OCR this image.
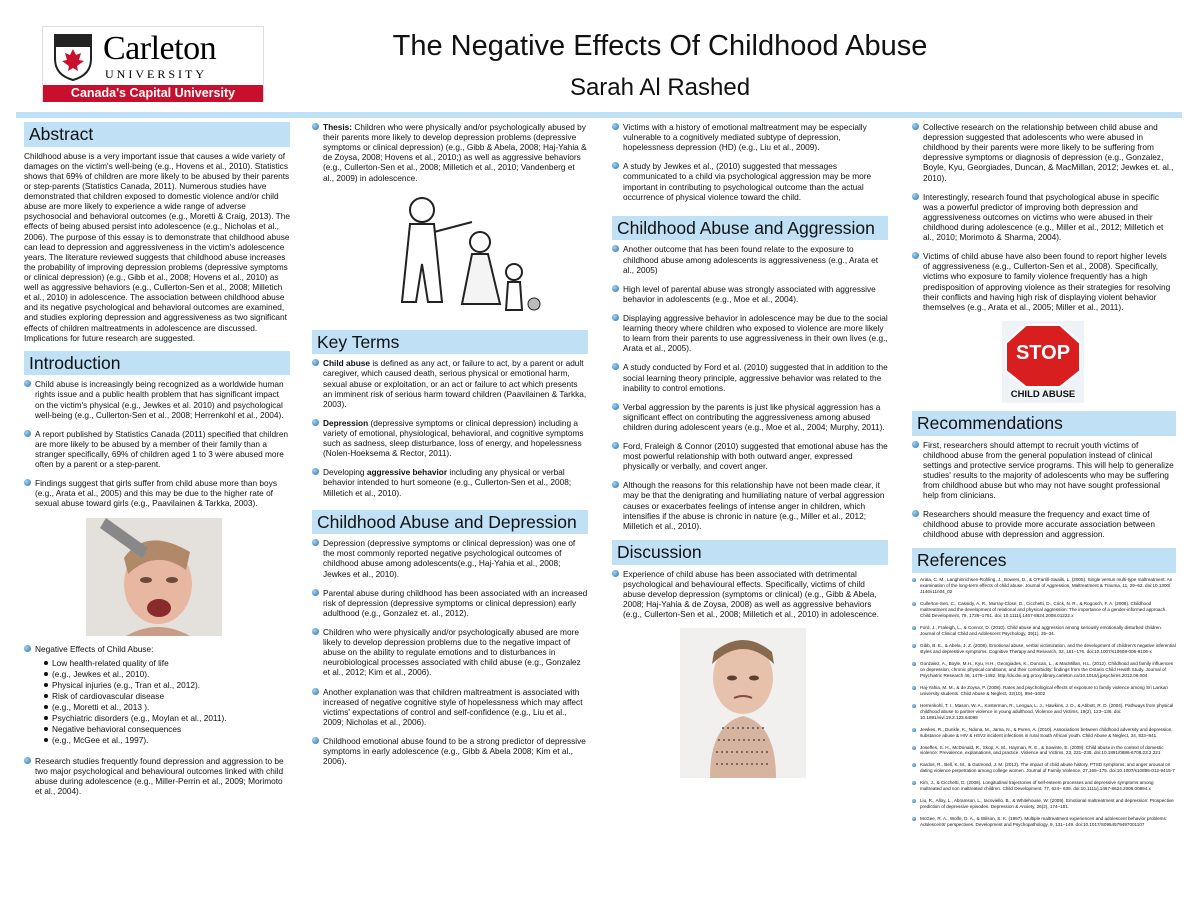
Carleton
UNIVERSITY
Canada's Capital University
The Negative Effects Of Childhood Abuse
Sarah Al Rashed
Abstract
Childhood abuse is a very important issue that causes a wide variety of damages on the victim's well-being (e.g., Hovens et al., 2010). Statistics shows that 69% of children are more likely to be abused by their parents or step-parents (Statistics Canada, 2011). Numerous studies have demonstrated that children exposed to domestic violence and/or child abuse are more likely to experience a wide range of adverse psychosocial and behavioral outcomes (e.g., Moretti & Craig, 2013). The effects of being abused persist into adolescence (e.g., Nicholas et al., 2006). The purpose of this essay is to demonstrate that childhood abuse can lead to depression and aggressiveness in the victim's adolescence years. The literature reviewed suggests that childhood abuse increases the probability of improving depression problems (depressive symptoms or clinical depression) (e.g., Gibb et al., 2008; Hovens et al., 2010) as well as aggressive behaviors (e.g., Cullerton-Sen et al., 2008; Milletich et al., 2010) in adolescence. The association between childhood abuse and its negative psychological and behavioral outcomes are examined, and studies exploring depression and aggressiveness as two significant effects of children maltreatments in adolescence are discussed. Implications for future research are suggested.
Introduction
Child abuse is increasingly being recognized as a worldwide human rights issue and a public health problem that has significant impact on the victim's physical (e.g., Jewkes et al. 2010) and psychological well-being (e.g., Cullerton-Sen et al., 2008; Herrenkohl et al., 2004).
A report published by Statistics Canada (2011) specified that children are more likely to be abused by a member of their family than a stranger specifically, 69% of children aged 1 to 3 were abused more often by a parent or a step-parent.
Findings suggest that girls suffer from child abuse more than boys (e.g., Arata et al., 2005) and this may be due to the higher rate of sexual abuse toward girls (e.g., Paavilainen & Tarkka, 2003).
Negative Effects of Child Abuse:
Low health-related quality of life
(e.g., Jewkes et al., 2010).
Physical injuries (e.g., Tran et al., 2012).
Risk of cardiovascular disease
(e.g., Moretti et al., 2013 ).
Psychiatric disorders (e.g., Moylan et al., 2011).
Negative behavioral consequences
(e.g., McGee et al., 1997).
Research studies frequently found depression and aggression to be two major psychological and behavioural outcomes linked with child abuse during adolescence (e.g., Miller-Perrin et al., 2009; Morimoto et al., 2004).
Thesis: Children who were physically and/or psychologically abused by their parents more likely to develop depression problems (depressive symptoms or clinical depression) (e.g., Gibb & Abela, 2008; Haj-Yahia & de Zoysa, 2008; Hovens et al., 2010;) as well as aggressive behaviors (e.g., Cullerton-Sen et al., 2008; Milletich et al., 2010; Vandenberg et al., 2009) in adolescence.
Key Terms
Child abuse is defined as any act, or failure to act, by a parent or adult caregiver, which caused death, serious physical or emotional harm, sexual abuse or exploitation, or an act or failure to act which presents an imminent risk of serious harm toward children (Paavilainen & Tarkka, 2003).
Depression (depressive symptoms or clinical depression) including a variety of emotional, physiological, behavioral, and cognitive symptoms such as sadness, sleep disturbance, loss of energy, and hopelessness (Nolen-Hoeksema & Rector, 2011).
Developing aggressive behavior including any physical or verbal behavior intended to hurt someone (e.g., Cullerton-Sen et al., 2008; Milletich et al., 2010).
Childhood Abuse and Depression
Depression (depressive symptoms or clinical depression) was one of the most commonly reported negative psychological outcomes of childhood abuse among adolescents(e.g., Haj-Yahia et al., 2008; Jewkes et al., 2010).
Parental abuse during childhood has been associated with an increased risk of depression (depressive symptoms or clinical depression) early adulthood (e.g., Gonzalez et. al., 2012).
Children who were physically and/or psychologically abused are more likely to develop depression problems due to the negative impact of abuse on the ability to regulate emotions and to disturbances in neurobiological processes associated with child abuse (e.g., Gonzalez et al., 2012; Kim et al., 2006).
Another explanation was that children maltreatment is associated with increased of negative cognitive style of hopelessness which may affect victims' expectations of control and self-confidence (e.g., Liu et al., 2009; Nicholas et al., 2006).
Childhood emotional abuse found to be a strong predictor of depressive symptoms in early adolescence (e.g., Gibb & Abela 2008; Kim et al., 2006).
Victims with a history of emotional maltreatment may be especially vulnerable to a cognitively mediated subtype of depression, hopelessness depression (HD) (e.g., Liu et al., 2009).
A study by Jewkes et al., (2010) suggested that messages communicated to a child via psychological aggression may be more important in contributing to psychological outcome than the actual occurrence of physical violence toward the child.
Childhood Abuse and Aggression
Another outcome that has been found relate to the exposure to childhood abuse among adolescents is aggressiveness (e.g., Arata et al., 2005)
High level of parental abuse was strongly associated with aggressive behavior in adolescents (e.g., Moe et al., 2004).
Displaying aggressive behavior in adolescence may be due to the social learning theory where children who exposed to violence are more likely to learn from their parents to use aggressiveness in their own lives (e.g., Arata et al., 2005).
A study conducted by Ford et al. (2010) suggested that in addition to the social learning theory principle, aggressive behavior was related to the inability to control emotions.
Verbal aggression by the parents is just like physical aggression has a significant effect on contributing the aggressiveness among abused children during adolescent years (e.g., Moe et al., 2004; Murphy, 2011).
Ford, Fraleigh & Connor (2010) suggested that emotional abuse has the most powerful relationship with both outward anger, expressed physically or verbally, and covert anger.
Although the reasons for this relationship have not been made clear, it may be that the denigrating and humiliating nature of verbal aggression causes or exacerbates feelings of intense anger in children, which intensifies if the abuse is chronic in nature (e.g., Miller et al., 2012; Milletich et al., 2010).
Discussion
Experience of child abuse has been associated with detrimental psychological and behavioural effects. Specifically, victims of child abuse develop depression (symptoms or clinical) (e.g., Gibb & Abela, 2008; Haj-Yahia & de Zoysa, 2008) as well as aggressive behaviors (e.g., Cullerton-Sen et al., 2008; Milletich et al., 2010) in adolescence.
Collective research on the relationship between child abuse and depression suggested that adolescents who were abused in childhood by their parents were more likely to be suffering from depressive symptoms or diagnosis of depression (e.g., Gonzalez, Boyle, Kyu, Georgiades, Duncan, & MacMillan, 2012; Jewkes et. al., 2010).
Interestingly, research found that psychological abuse in specific was a powerful predictor of improving both depression and aggressiveness outcomes on victims who were abused in their childhood during adolescence (e.g., Miller et al., 2012; Milletich et al., 2010; Morimoto & Sharma, 2004).
Victims of child abuse have also been found to report higher levels of aggressiveness (e.g., Cullerton-Sen et al., 2008). Specifically, victims who exposure to family violence frequently has a high predisposition of approving violence as their strategies for resolving their conflicts and having high risk of displaying violent behavior themselves (e.g., Arata et al., 2005; Miller et al., 2011).
STOP
CHILD ABUSE
Recommendations
First, researchers should attempt to recruit youth victims of childhood abuse from the general population instead of clinical settings and protective service programs. This will help to generalize studies' results to the majority of adolescents who may be suffering from childhood abuse but who may not have sought professional help from clinicians.
Researchers should measure the frequency and exact time of childhood abuse to provide more accurate association between childhood abuse with depression and aggression.
References
Arata, C. M., Langhinrichsen-Rohling, J., Bowers, D., & O'Farrill-Swails, L. (2005). Single versus multi-type maltreatment: An examination of the long-term effects of child abuse. Journal of Aggression, Maltreatment & Trauma, 11, 29–52. doi:10.1300/ J146v11n04_02
Cullerton-Sen, C., Cassidy, A. R., Murray-Close, D., Cicchetti, D., Crick, N. R., & Rogosch, F. A. (2008). Childhood maltreatment and the development of relational and physical aggression: The importance of a gender-informed approach. Child Development, 79, 1736–1751. doi: 10.1111/j.1467-8624.2008.01222.x
Ford, J., Fraleigh, L., & Connor, D. (2010). Child abuse and aggression among seriously emotionally disturbed children. Journal of Clinical Child and Adolescent Psychology, 39(1), 25–34.
Gibb, B. E., & Abela, J. Z. (2008). Emotional abuse, verbal victimization, and the development of children's negative inferential styles and depressive symptoms. Cognitive Therapy and Research, 32, 161–176. doi:10.1007/s10608-006-9106-x
Gonzalez, A., Boyle, M.H., Kyu, H.H., Georgiades, K., Duncan, L., & MacMillan, H.L. (2012). Childhood and family influences on depression, chronic physical conditions, and their comorbidity: findings from the Ontario Child Health Study. Journal of Psychiatric Research 46, 1475–1482. http://dx.doi.org.proxy.library.carleton.ca/10.1016/j.jpsychires.2012.08.004
Haj-Yahia, M. M., & de Zoysa, P. (2008). Rates and psychological effects of exposure to family violence among Sri Lankan university students. Child Abuse & Neglect, 32(10), 994–1002
Herrenkohl, T. I., Mason, W. A., Kosterman, R., Lengua, L. J., Hawkins, J. D., & Abbott, R. D. (2004). Pathways from physical childhood abuse to partner violence in young adulthood. Violence and Victims, 19(2), 123–136. doi: 10.1891/vivi.19.2.123.64099
Jewkes, R., Dunkle, K., Nduna, M., Jama, N., & Puren, A. (2010). Associations between childhood adversity and depression, substance abuse & HIV & HSV2 incident infections in rural South African youth. Child Abuse & Neglect, 34, 833–841.
Joseffes, S. H., McDonald, R., Skop, A. M., Hayman, R. E., & Sowinte, E. (2008). Child abuse in the context of domestic violence: Prevalence, explanations, and practice. Violence and Victims, 23, 221–235. doi:10.1891/0886-6708.23.2.221
Kardos, R., Bell, K. M., & Gutmond, J. M. (2012). The impact of child abuse history, PTSD symptoms, and anger arousal on dating violence perpetration among college women. Journal of Family Violence, 27,165–175. doi:10.1007/s10896-012-9415-7
Kim, J., & Cicchetti, D. (2006). Longitudinal trajectories of self-esteem processes and depressive symptoms among maltreated and non maltreated children. Child Development, 77, 624– 639. doi:10.1111/j.1467-8624.2006.00894.x
Liu, R., Alloy, L., Abramson, L., Iacoviello, B., & Whitehouse, W. (2009). Emotional maltreatment and depression: Prospective prediction of depressive episodes. Depression & Anxiety, 26(2), 174–181.
McGee, R. A., Wolfe, D. A., & Wilson, S. K. (1997). Multiple maltreatment experiences and adolescent behavior problems: Adolescents' perspectives. Development and Psychopathology, 9, 131–149. doi:10.1017/S0954579497001107
